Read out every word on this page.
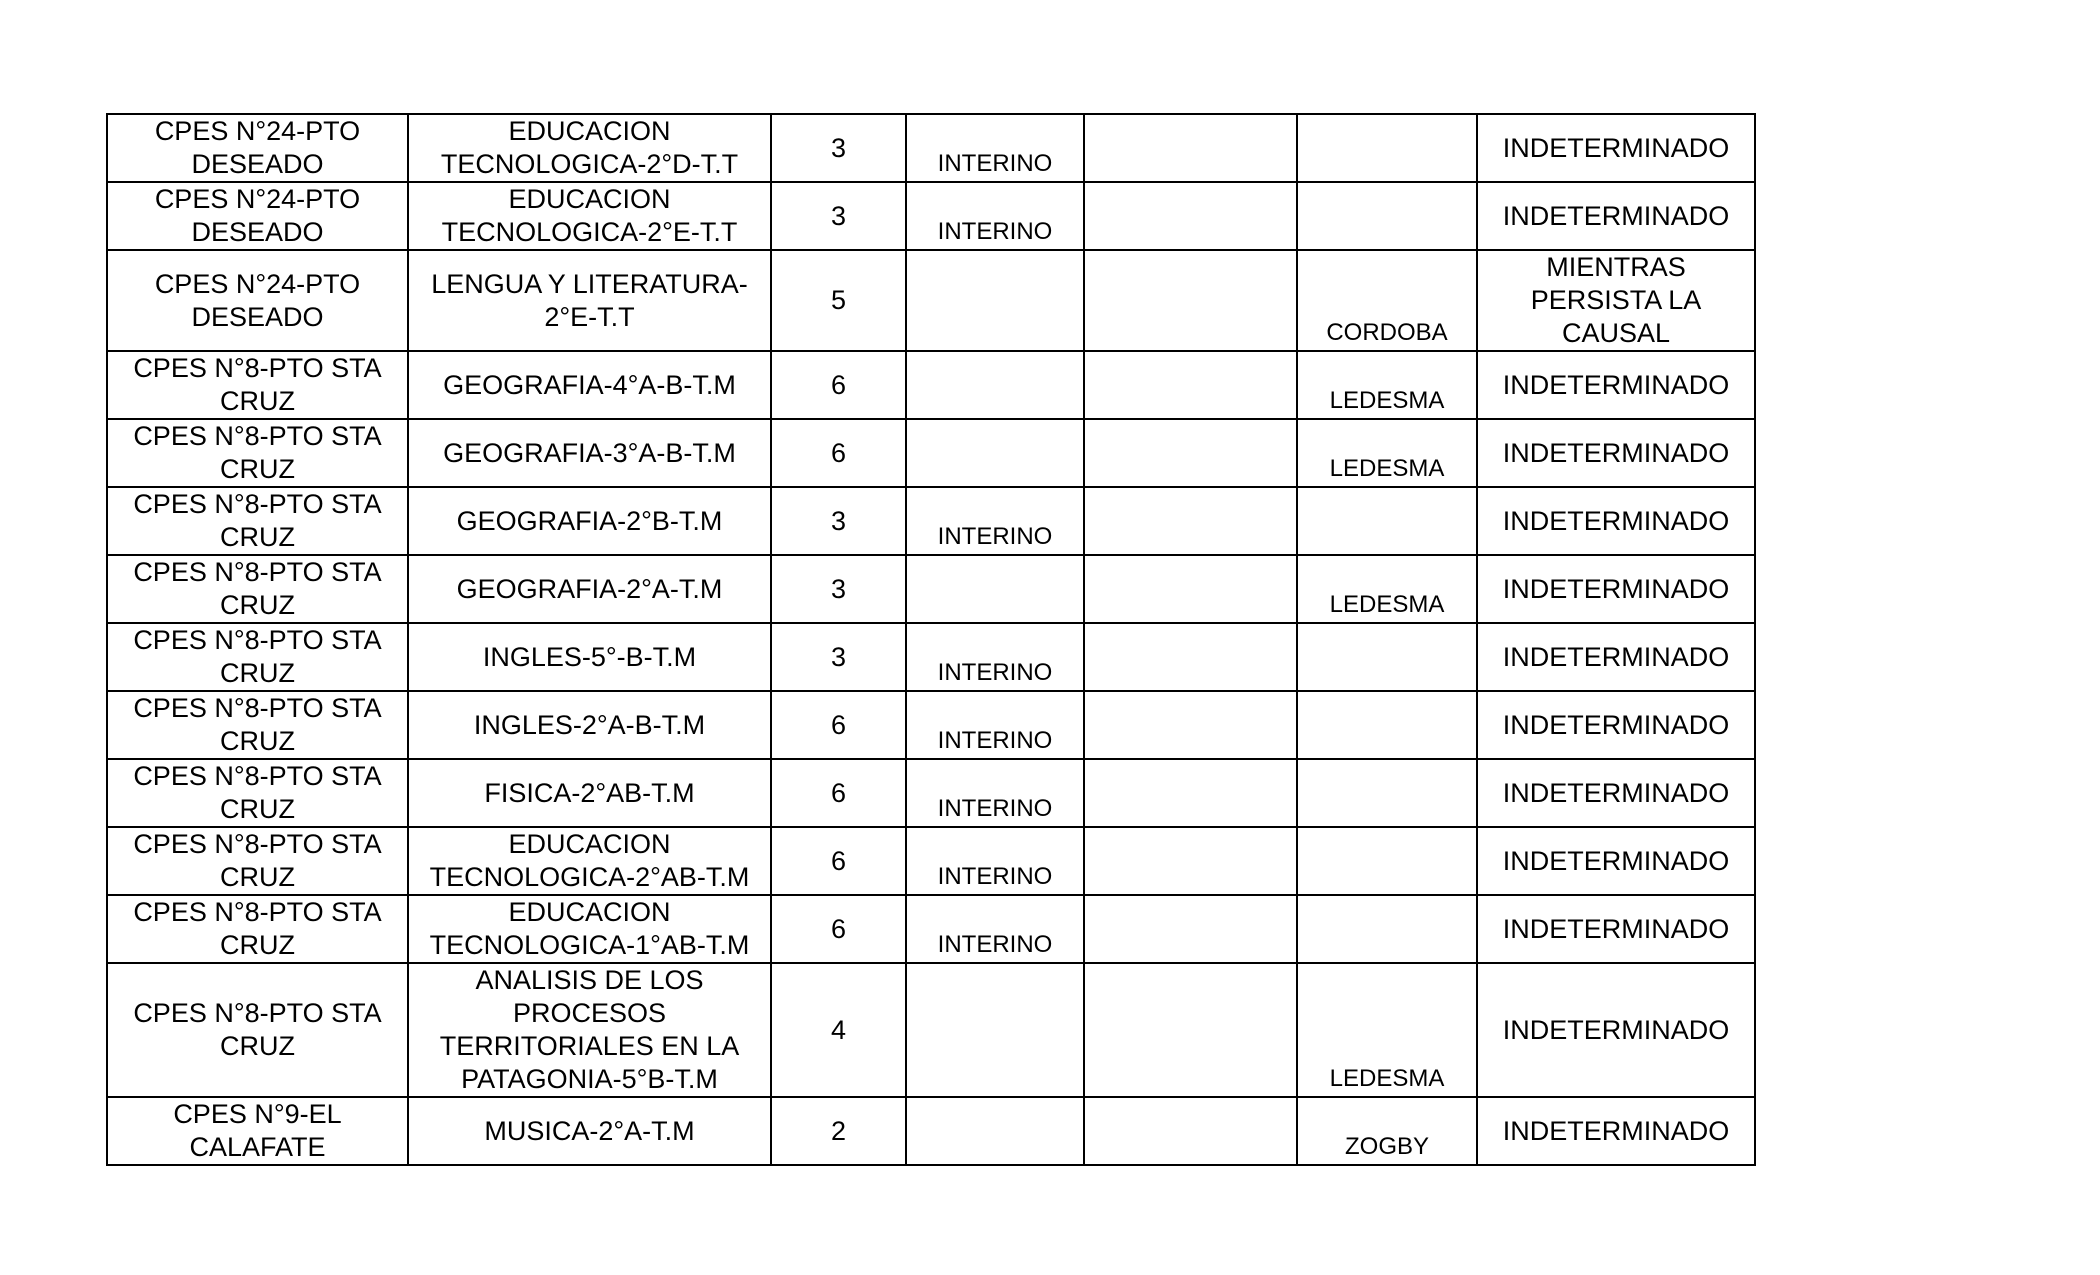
CPES N°24-PTO DESEADO	EDUCACION TECNOLOGICA-2°D-T.T	3	INTERINO			INDETERMINADO
CPES N°24-PTO DESEADO	EDUCACION TECNOLOGICA-2°E-T.T	3	INTERINO			INDETERMINADO
CPES N°24-PTO DESEADO	LENGUA Y LITERATURA-2°E-T.T	5			CORDOBA	MIENTRAS PERSISTA LA CAUSAL
CPES N°8-PTO STA CRUZ	GEOGRAFIA-4°A-B-T.M	6			LEDESMA	INDETERMINADO
CPES N°8-PTO STA CRUZ	GEOGRAFIA-3°A-B-T.M	6			LEDESMA	INDETERMINADO
CPES N°8-PTO STA CRUZ	GEOGRAFIA-2°B-T.M	3	INTERINO			INDETERMINADO
CPES N°8-PTO STA CRUZ	GEOGRAFIA-2°A-T.M	3			LEDESMA	INDETERMINADO
CPES N°8-PTO STA CRUZ	INGLES-5°-B-T.M	3	INTERINO			INDETERMINADO
CPES N°8-PTO STA CRUZ	INGLES-2°A-B-T.M	6	INTERINO			INDETERMINADO
CPES N°8-PTO STA CRUZ	FISICA-2°AB-T.M	6	INTERINO			INDETERMINADO
CPES N°8-PTO STA CRUZ	EDUCACION TECNOLOGICA-2°AB-T.M	6	INTERINO			INDETERMINADO
CPES N°8-PTO STA CRUZ	EDUCACION TECNOLOGICA-1°AB-T.M	6	INTERINO			INDETERMINADO
CPES N°8-PTO STA CRUZ	ANALISIS DE LOS PROCESOS TERRITORIALES EN LA PATAGONIA-5°B-T.M	4			LEDESMA	INDETERMINADO
CPES N°9-EL CALAFATE	MUSICA-2°A-T.M	2			ZOGBY	INDETERMINADO
